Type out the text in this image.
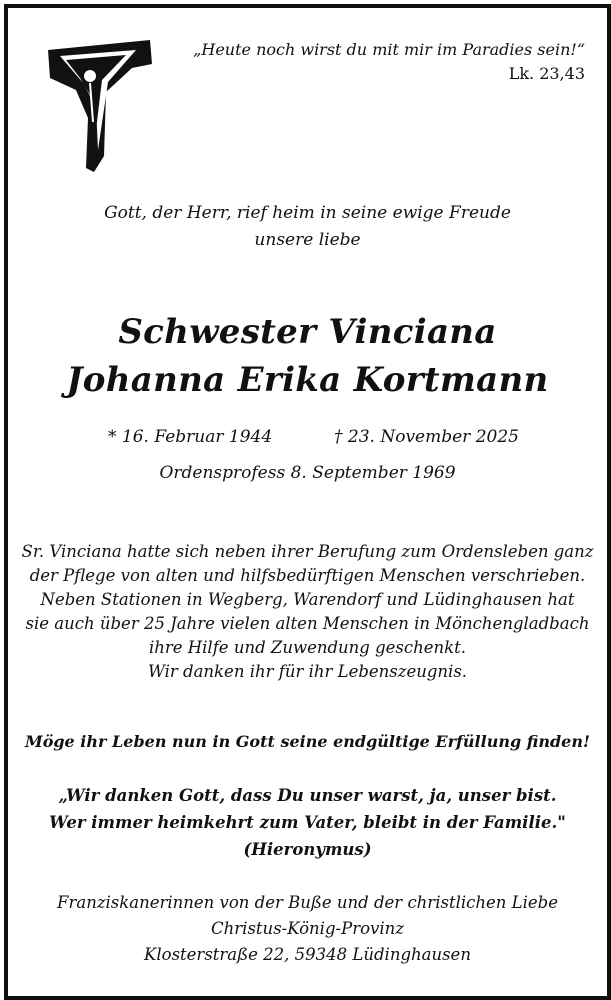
„Heute noch wirst du mit mir im Paradies sein!“
Lk. 23,43
Gott, der Herr, rief heim in seine ewige Freude
unsere liebe
Schwester Vinciana
Johanna Erika Kortmann
* 16. Februar 1944	† 23. November 2025
Ordensprofess 8. September 1969
Sr. Vinciana hatte sich neben ihrer Berufung zum Ordensleben ganz
der Pflege von alten und hilfsbedürftigen Menschen verschrieben.
Neben Stationen in Wegberg, Warendorf und Lüdinghausen hat
sie auch über 25 Jahre vielen alten Menschen in Mönchengladbach
ihre Hilfe und Zuwendung geschenkt.
Wir danken ihr für ihr Lebenszeugnis.
Möge ihr Leben nun in Gott seine endgültige Erfüllung finden!
„Wir danken Gott, dass Du unser warst, ja, unser bist.
Wer immer heimkehrt zum Vater, bleibt in der Familie."
(Hieronymus)
Franziskanerinnen von der Buße und der christlichen Liebe
Christus-König-Provinz
Klosterstraße 22, 59348 Lüdinghausen
